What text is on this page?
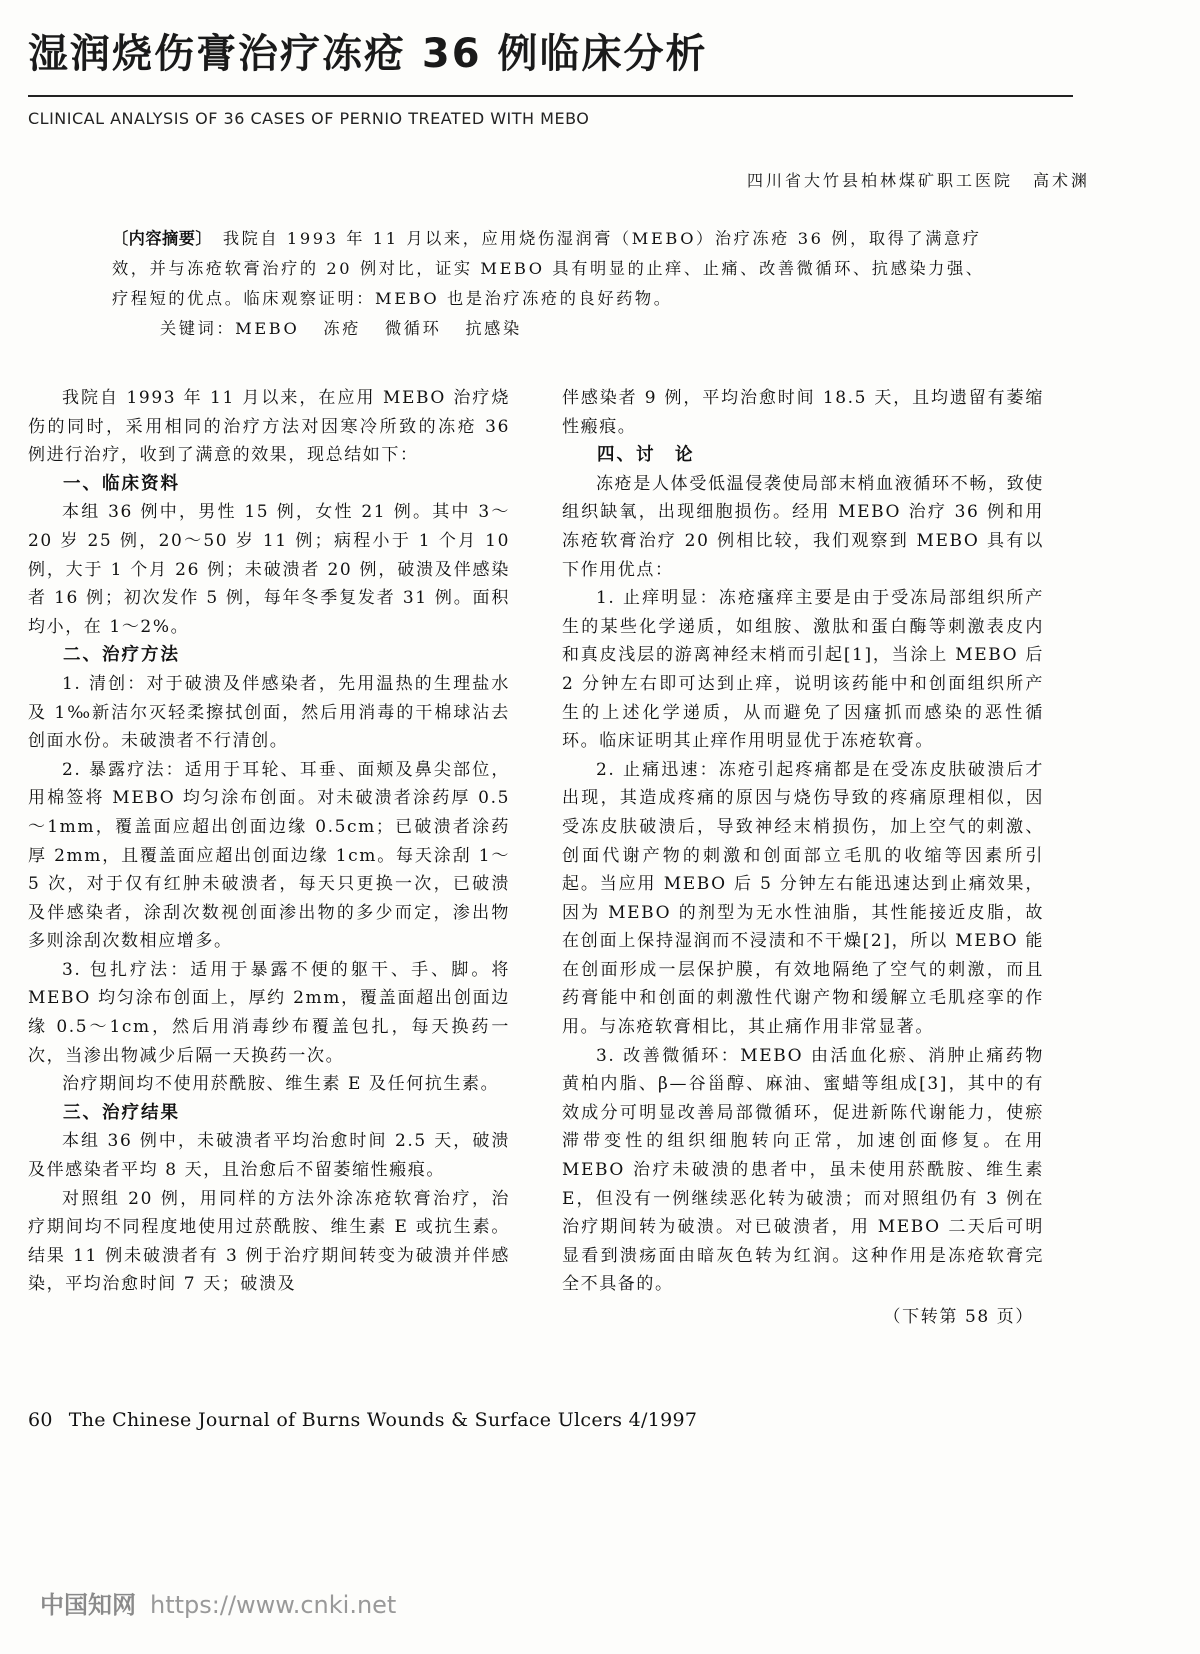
湿润烧伤膏治疗冻疮 36 例临床分析
CLINICAL ANALYSIS OF 36 CASES OF PERNIO TREATED WITH MEBO
四川省大竹县柏林煤矿职工医院 高术渊

〔内容摘要〕　 我院自 1993 年 11 月以来，应用烧伤湿润膏（MEBO）治疗冻疮 36 例，取得了满意疗效，并与冻疮软膏治疗的 20 例对比，证实 MEBO 具有明显的止痒、止痛、改善微循环、抗感染力强、疗程短的优点。临床观察证明：MEBO 也是治疗冻疮的良好药物。

关键词：MEBO 冻疮 微循环 抗感染

我院自 1993 年 11 月以来，在应用 MEBO 治疗烧伤的同时，采用相同的治疗方法对因寒冷所致的冻疮 36 例进行治疗，收到了满意的效果，现总结如下：

一、临床资料

本组 36 例中，男性 15 例，女性 21 例。其中 3～20 岁 25 例，20～50 岁 11 例；病程小于 1 个月 10 例，大于 1 个月 26 例；未破溃者 20 例，破溃及伴感染者 16 例；初次发作 5 例，每年冬季复发者 31 例。面积均小，在 1～2%。

二、治疗方法

1. 清创：对于破溃及伴感染者，先用温热的生理盐水及 1‰新洁尔灭轻柔擦拭创面，然后用消毒的干棉球沾去创面水份。未破溃者不行清创。

2. 暴露疗法：适用于耳轮、耳垂、面颊及鼻尖部位，用棉签将 MEBO 均匀涂布创面。对未破溃者涂药厚 0.5～1mm，覆盖面应超出创面边缘 0.5cm；已破溃者涂药厚 2mm，且覆盖面应超出创面边缘 1cm。每天涂刮 1～5 次，对于仅有红肿未破溃者，每天只更换一次，已破溃及伴感染者，涂刮次数视创面渗出物的多少而定，渗出物多则涂刮次数相应增多。

3. 包扎疗法：适用于暴露不便的躯干、手、脚。将 MEBO 均匀涂布创面上，厚约 2mm，覆盖面超出创面边缘 0.5～1cm，然后用消毒纱布覆盖包扎，每天换药一次，当渗出物减少后隔一天换药一次。

治疗期间均不使用菸酰胺、维生素 E 及任何抗生素。

三、治疗结果

本组 36 例中，未破溃者平均治愈时间 2.5 天，破溃及伴感染者平均 8 天，且治愈后不留萎缩性瘢痕。

对照组 20 例，用同样的方法外涂冻疮软膏治疗，治疗期间均不同程度地使用过菸酰胺、维生素 E 或抗生素。结果 11 例未破溃者有 3 例于治疗期间转变为破溃并伴感染，平均治愈时间 7 天；破溃及

伴感染者 9 例，平均治愈时间 18.5 天，且均遗留有萎缩性瘢痕。

四、讨　论

冻疮是人体受低温侵袭使局部末梢血液循环不畅，致使组织缺氧，出现细胞损伤。经用 MEBO 治疗 36 例和用冻疮软膏治疗 20 例相比较，我们观察到 MEBO 具有以下作用优点：

1. 止痒明显：冻疮瘙痒主要是由于受冻局部组织所产生的某些化学递质，如组胺、激肽和蛋白酶等刺激表皮内和真皮浅层的游离神经末梢而引起[1]，当涂上 MEBO 后 2 分钟左右即可达到止痒，说明该药能中和创面组织所产生的上述化学递质，从而避免了因瘙抓而感染的恶性循环。临床证明其止痒作用明显优于冻疮软膏。

2. 止痛迅速：冻疮引起疼痛都是在受冻皮肤破溃后才出现，其造成疼痛的原因与烧伤导致的疼痛原理相似，因受冻皮肤破溃后，导致神经末梢损伤，加上空气的刺激、创面代谢产物的刺激和创面部立毛肌的收缩等因素所引起。当应用 MEBO 后 5 分钟左右能迅速达到止痛效果，因为 MEBO 的剂型为无水性油脂，其性能接近皮脂，故在创面上保持湿润而不浸渍和不干燥[2]，所以 MEBO 能在创面形成一层保护膜，有效地隔绝了空气的刺激，而且药膏能中和创面的刺激性代谢产物和缓解立毛肌痉挛的作用。与冻疮软膏相比，其止痛作用非常显著。

3. 改善微循环：MEBO 由活血化瘀、消肿止痛药物黄柏内脂、β—谷甾醇、麻油、蜜蜡等组成[3]，其中的有效成分可明显改善局部微循环，促进新陈代谢能力，使瘀滞带变性的组织细胞转向正常，加速创面修复。在用 MEBO 治疗未破溃的患者中，虽未使用菸酰胺、维生素 E，但没有一例继续恶化转为破溃；而对照组仍有 3 例在治疗期间转为破溃。对已破溃者，用 MEBO 二天后可明显看到溃疡面由暗灰色转为红润。这种作用是冻疮软膏完全不具备的。

（下转第 58 页）

60 The Chinese Journal of Burns Wounds & Surface Ulcers 4/1997
中国知网 https://www.cnki.net
